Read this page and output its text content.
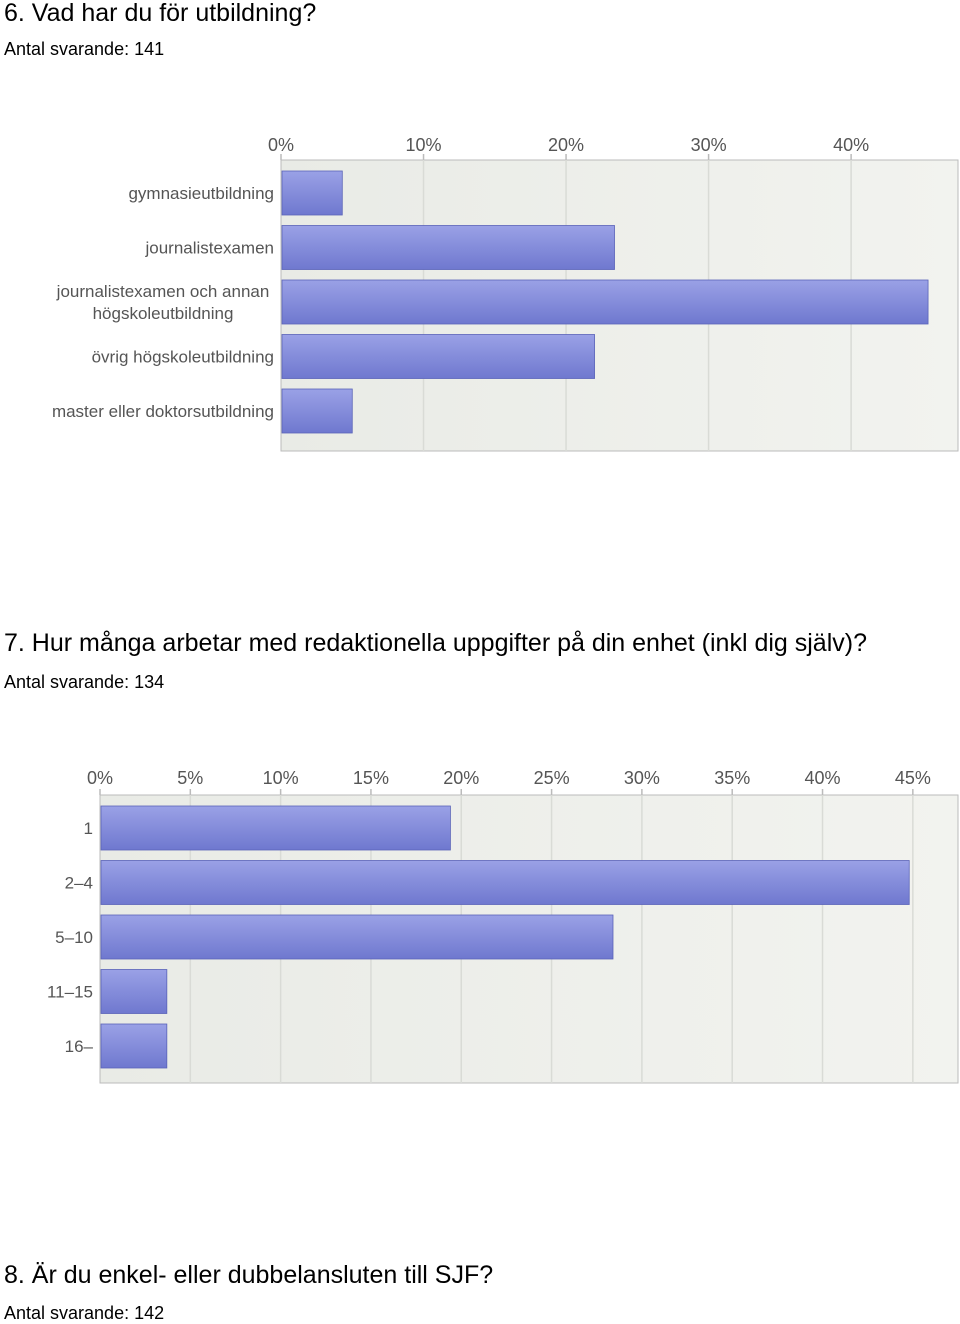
6. Vad har du för utbildning?
Antal svarande: 141
0%	10%	20%	30%	40%
gymnasieutbildning
journalistexamen
journalistexamen och annan
högskoleutbildning
övrig högskoleutbildning
master eller doktorsutbildning
7. Hur många arbetar med redaktionella uppgifter på din enhet (inkl dig själv)?
Antal svarande: 134
0%	5%	10%	15%	20%	25%	30%	35%	40%	45%
1
2–4
5–10
11–15
16–
8. Är du enkel- eller dubbelansluten till SJF?
Antal svarande: 142
